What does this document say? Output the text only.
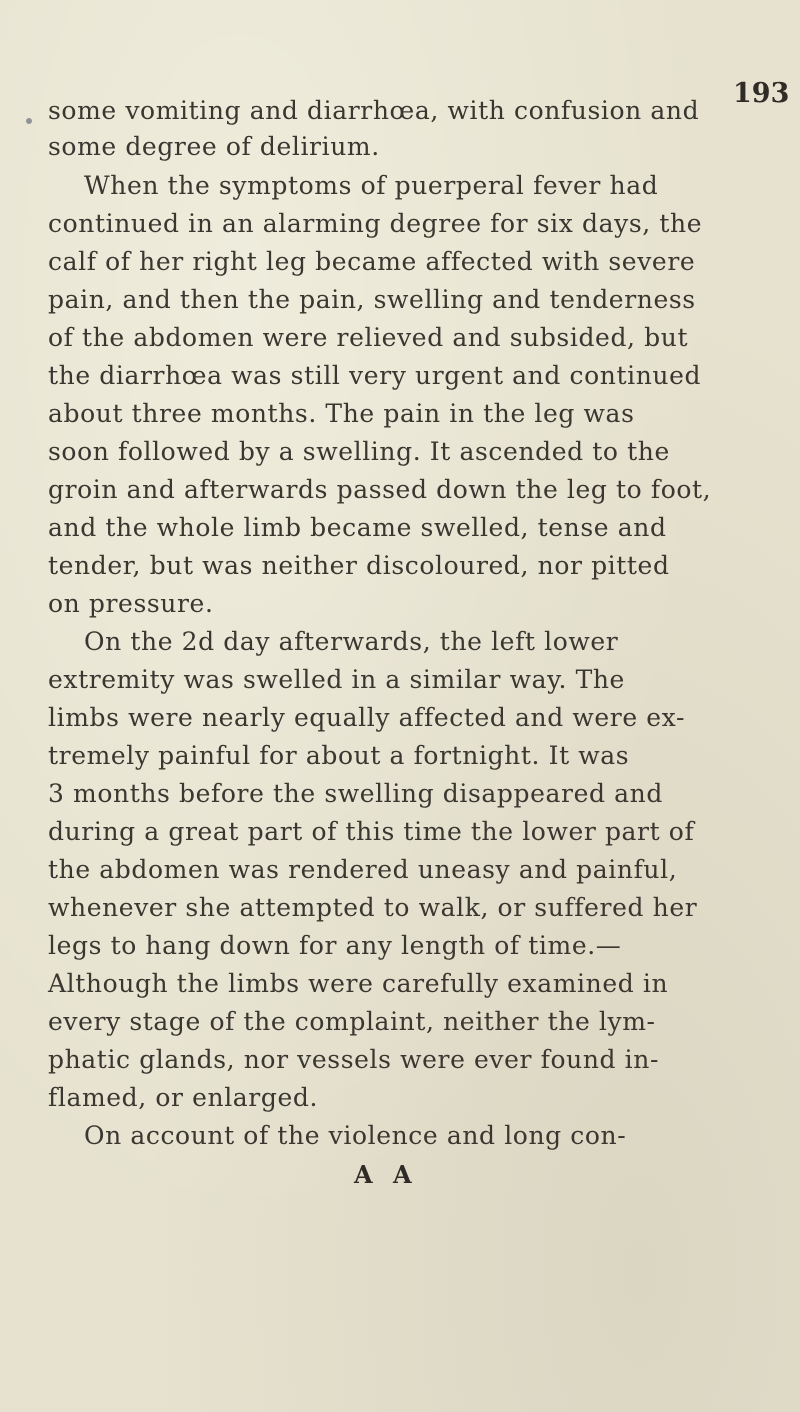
193
some vomiting and diarrhœa, with confusion and
some degree of delirium.
When the symptoms of puerperal fever had
continued in an alarming degree for six days, the
calf of her right leg became affected with severe
pain, and then the pain, swelling and tenderness
of the abdomen were relieved and subsided, but
the diarrhœa was still very urgent and continued
about three months. The pain in the leg was
soon followed by a swelling. It ascended to the
groin and afterwards passed down the leg to foot,
and the whole limb became swelled, tense and
tender, but was neither discoloured, nor pitted
on pressure.
On the 2d day afterwards, the left lower
extremity was swelled in a similar way. The
limbs were nearly equally affected and were ex-
tremely painful for about a fortnight. It was
3 months before the swelling disappeared and
during a great part of this time the lower part of
the abdomen was rendered uneasy and painful,
whenever she attempted to walk, or suffered her
legs to hang down for any length of time.—
Although the limbs were carefully examined in
every stage of the complaint, neither the lym-
phatic glands, nor vessels were ever found in-
flamed, or enlarged.
On account of the violence and long con-
A A
